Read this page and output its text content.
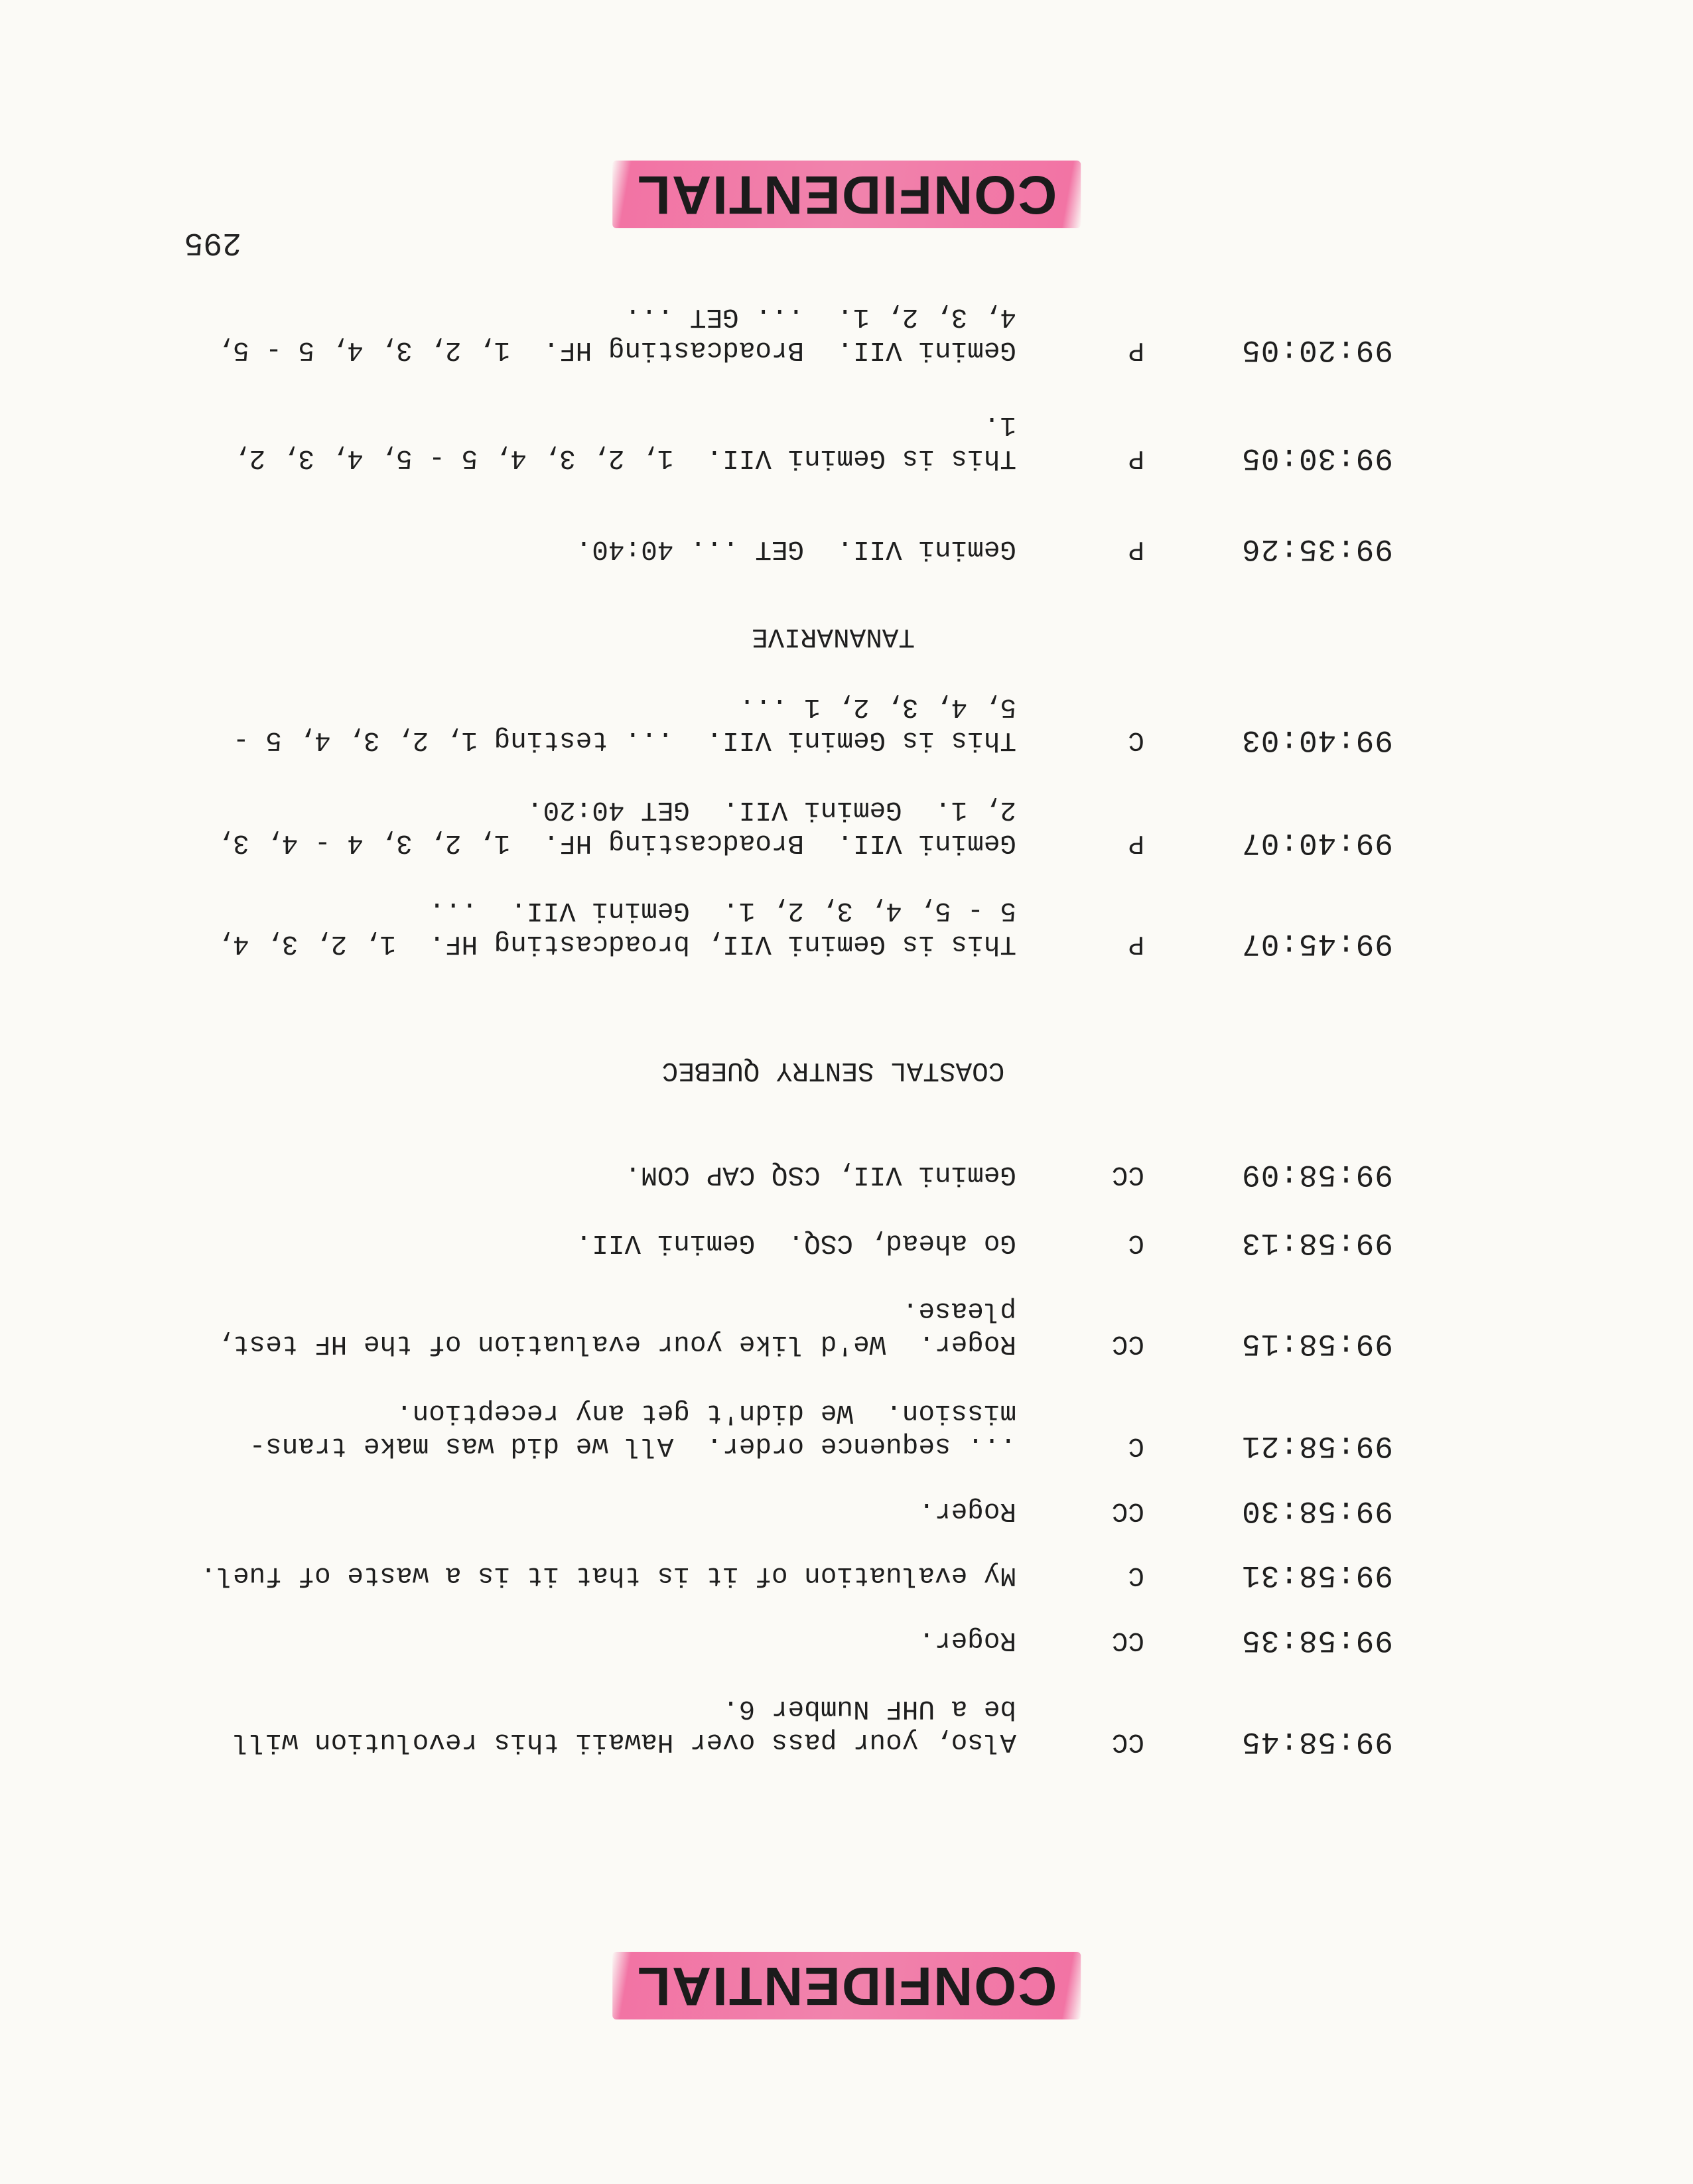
295
CONFIDENTIAL
99:20:05
P
Gemini VII.  Broadcasting HF.  1, 2, 3, 4, 5 - 5,
4, 3, 2, 1.  ... GET ...
99:30:05
P
This is Gemini VII.  1, 2, 3, 4, 5 - 5, 4, 3, 2,
1.
99:35:26
P
Gemini VII.  GET ... 40:40.
TANANARIVE
99:40:03
C
This is Gemini VII.  ... testing 1, 2, 3, 4, 5 -
5, 4, 3, 2, 1 ...
99:40:07
P
Gemini VII.  Broadcasting HF.  1, 2, 3, 4 - 4, 3,
2, 1.  Gemini VII.  GET 40:20.
99:45:07
P
This is Gemini VII, broadcasting HF.  1, 2, 3, 4,
5 - 5, 4, 3, 2, 1.  Gemini VII.  ...
COASTAL SENTRY QUEBEC
99:58:09
CC
Gemini VII, CSQ CAP COM.
99:58:13
C
Go ahead, CSQ.  Gemini VII.
99:58:15
CC
Roger.  We'd like your evaluation of the HF test,
please.
99:58:21
C
... sequence order.  All we did was make trans-
mission.  We didn't get any reception.
99:58:30
CC
Roger.
99:58:31
C
My evaluation of it is that it is a waste of fuel.
99:58:35
CC
Roger.
99:58:45
CC
Also, your pass over Hawaii this revolution will
be a UHF Number 6.
CONFIDENTIAL
